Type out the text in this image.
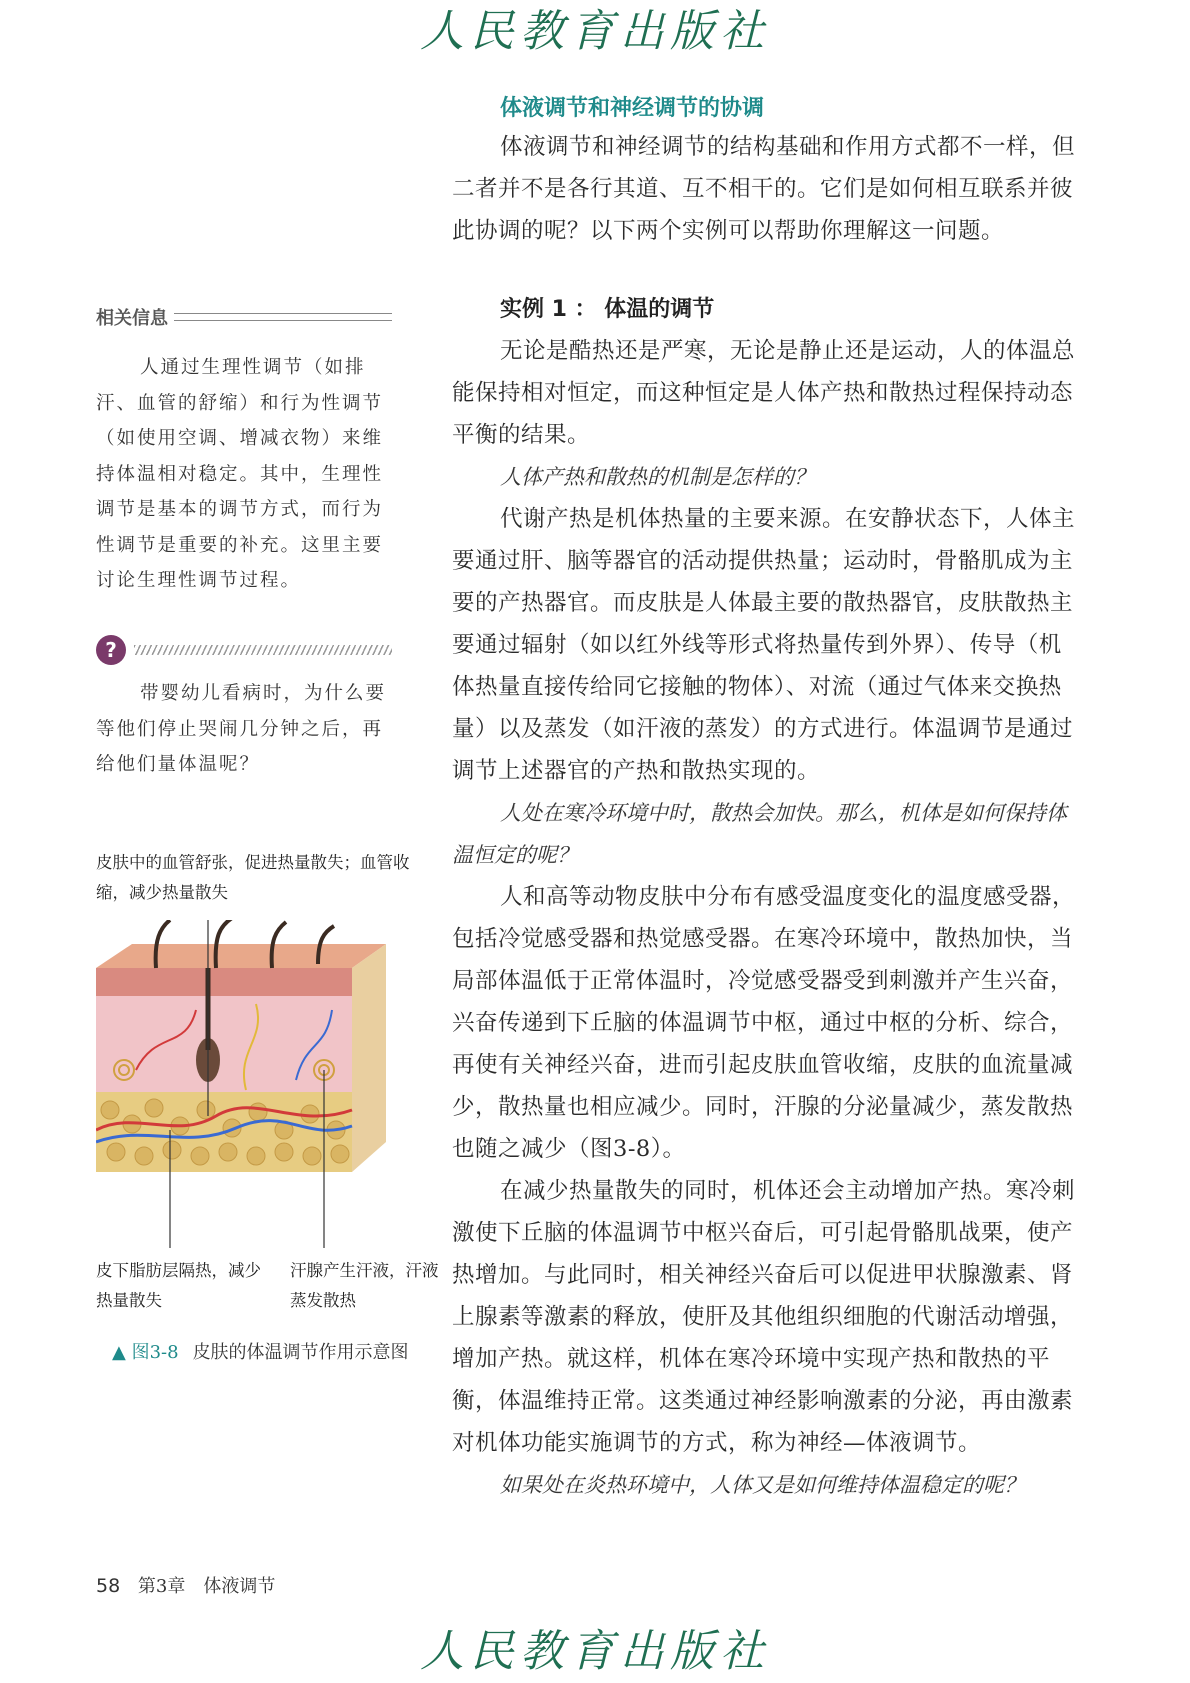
人民教育出版社
体液调节和神经调节的协调

体液调节和神经调节的结构基础和作用方式都不一样，但二者并不是各行其道、互不相干的。它们是如何相互联系并彼此协调的呢？以下两个实例可以帮助你理解这一问题。

实例 1 ： 体温的调节

无论是酷热还是严寒，无论是静止还是运动，人的体温总能保持相对恒定，而这种恒定是人体产热和散热过程保持动态平衡的结果。

人体产热和散热的机制是怎样的？

代谢产热是机体热量的主要来源。在安静状态下，人体主要通过肝、脑等器官的活动提供热量；运动时，骨骼肌成为主要的产热器官。而皮肤是人体最主要的散热器官，皮肤散热主要通过辐射（如以红外线等形式将热量传到外界）、传导（机体热量直接传给同它接触的物体）、对流（通过气体来交换热量）以及蒸发（如汗液的蒸发）的方式进行。体温调节是通过调节上述器官的产热和散热实现的。

人处在寒冷环境中时，散热会加快。那么，机体是如何保持体温恒定的呢？

人和高等动物皮肤中分布有感受温度变化的温度感受器，包括冷觉感受器和热觉感受器。在寒冷环境中，散热加快，当局部体温低于正常体温时，冷觉感受器受到刺激并产生兴奋，兴奋传递到下丘脑的体温调节中枢，通过中枢的分析、综合，再使有关神经兴奋，进而引起皮肤血管收缩，皮肤的血流量减少，散热量也相应减少。同时，汗腺的分泌量减少，蒸发散热也随之减少（图3-8）。

在减少热量散失的同时，机体还会主动增加产热。寒冷刺激使下丘脑的体温调节中枢兴奋后，可引起骨骼肌战栗，使产热增加。与此同时，相关神经兴奋后可以促进甲状腺激素、肾上腺素等激素的释放，使肝及其他组织细胞的代谢活动增强，增加产热。就这样，机体在寒冷环境中实现产热和散热的平衡，体温维持正常。这类通过神经影响激素的分泌，再由激素对机体功能实施调节的方式，称为神经—体液调节。

如果处在炎热环境中，人体又是如何维持体温稳定的呢？

相关信息

人通过生理性调节（如排汗、血管的舒缩）和行为性调节（如使用空调、增减衣物）来维持体温相对稳定。其中，生理性调节是基本的调节方式，而行为性调节是重要的补充。这里主要讨论生理性调节过程。

?

带婴幼儿看病时，为什么要等他们停止哭闹几分钟之后，再给他们量体温呢？

皮肤中的血管舒张，促进热量散失；血管收缩，减少热量散失

皮下脂肪层隔热，减少热量散失

汗腺产生汗液，汗液蒸发散热

▲ 图3-8 皮肤的体温调节作用示意图
58 第3章　体液调节
人民教育出版社
